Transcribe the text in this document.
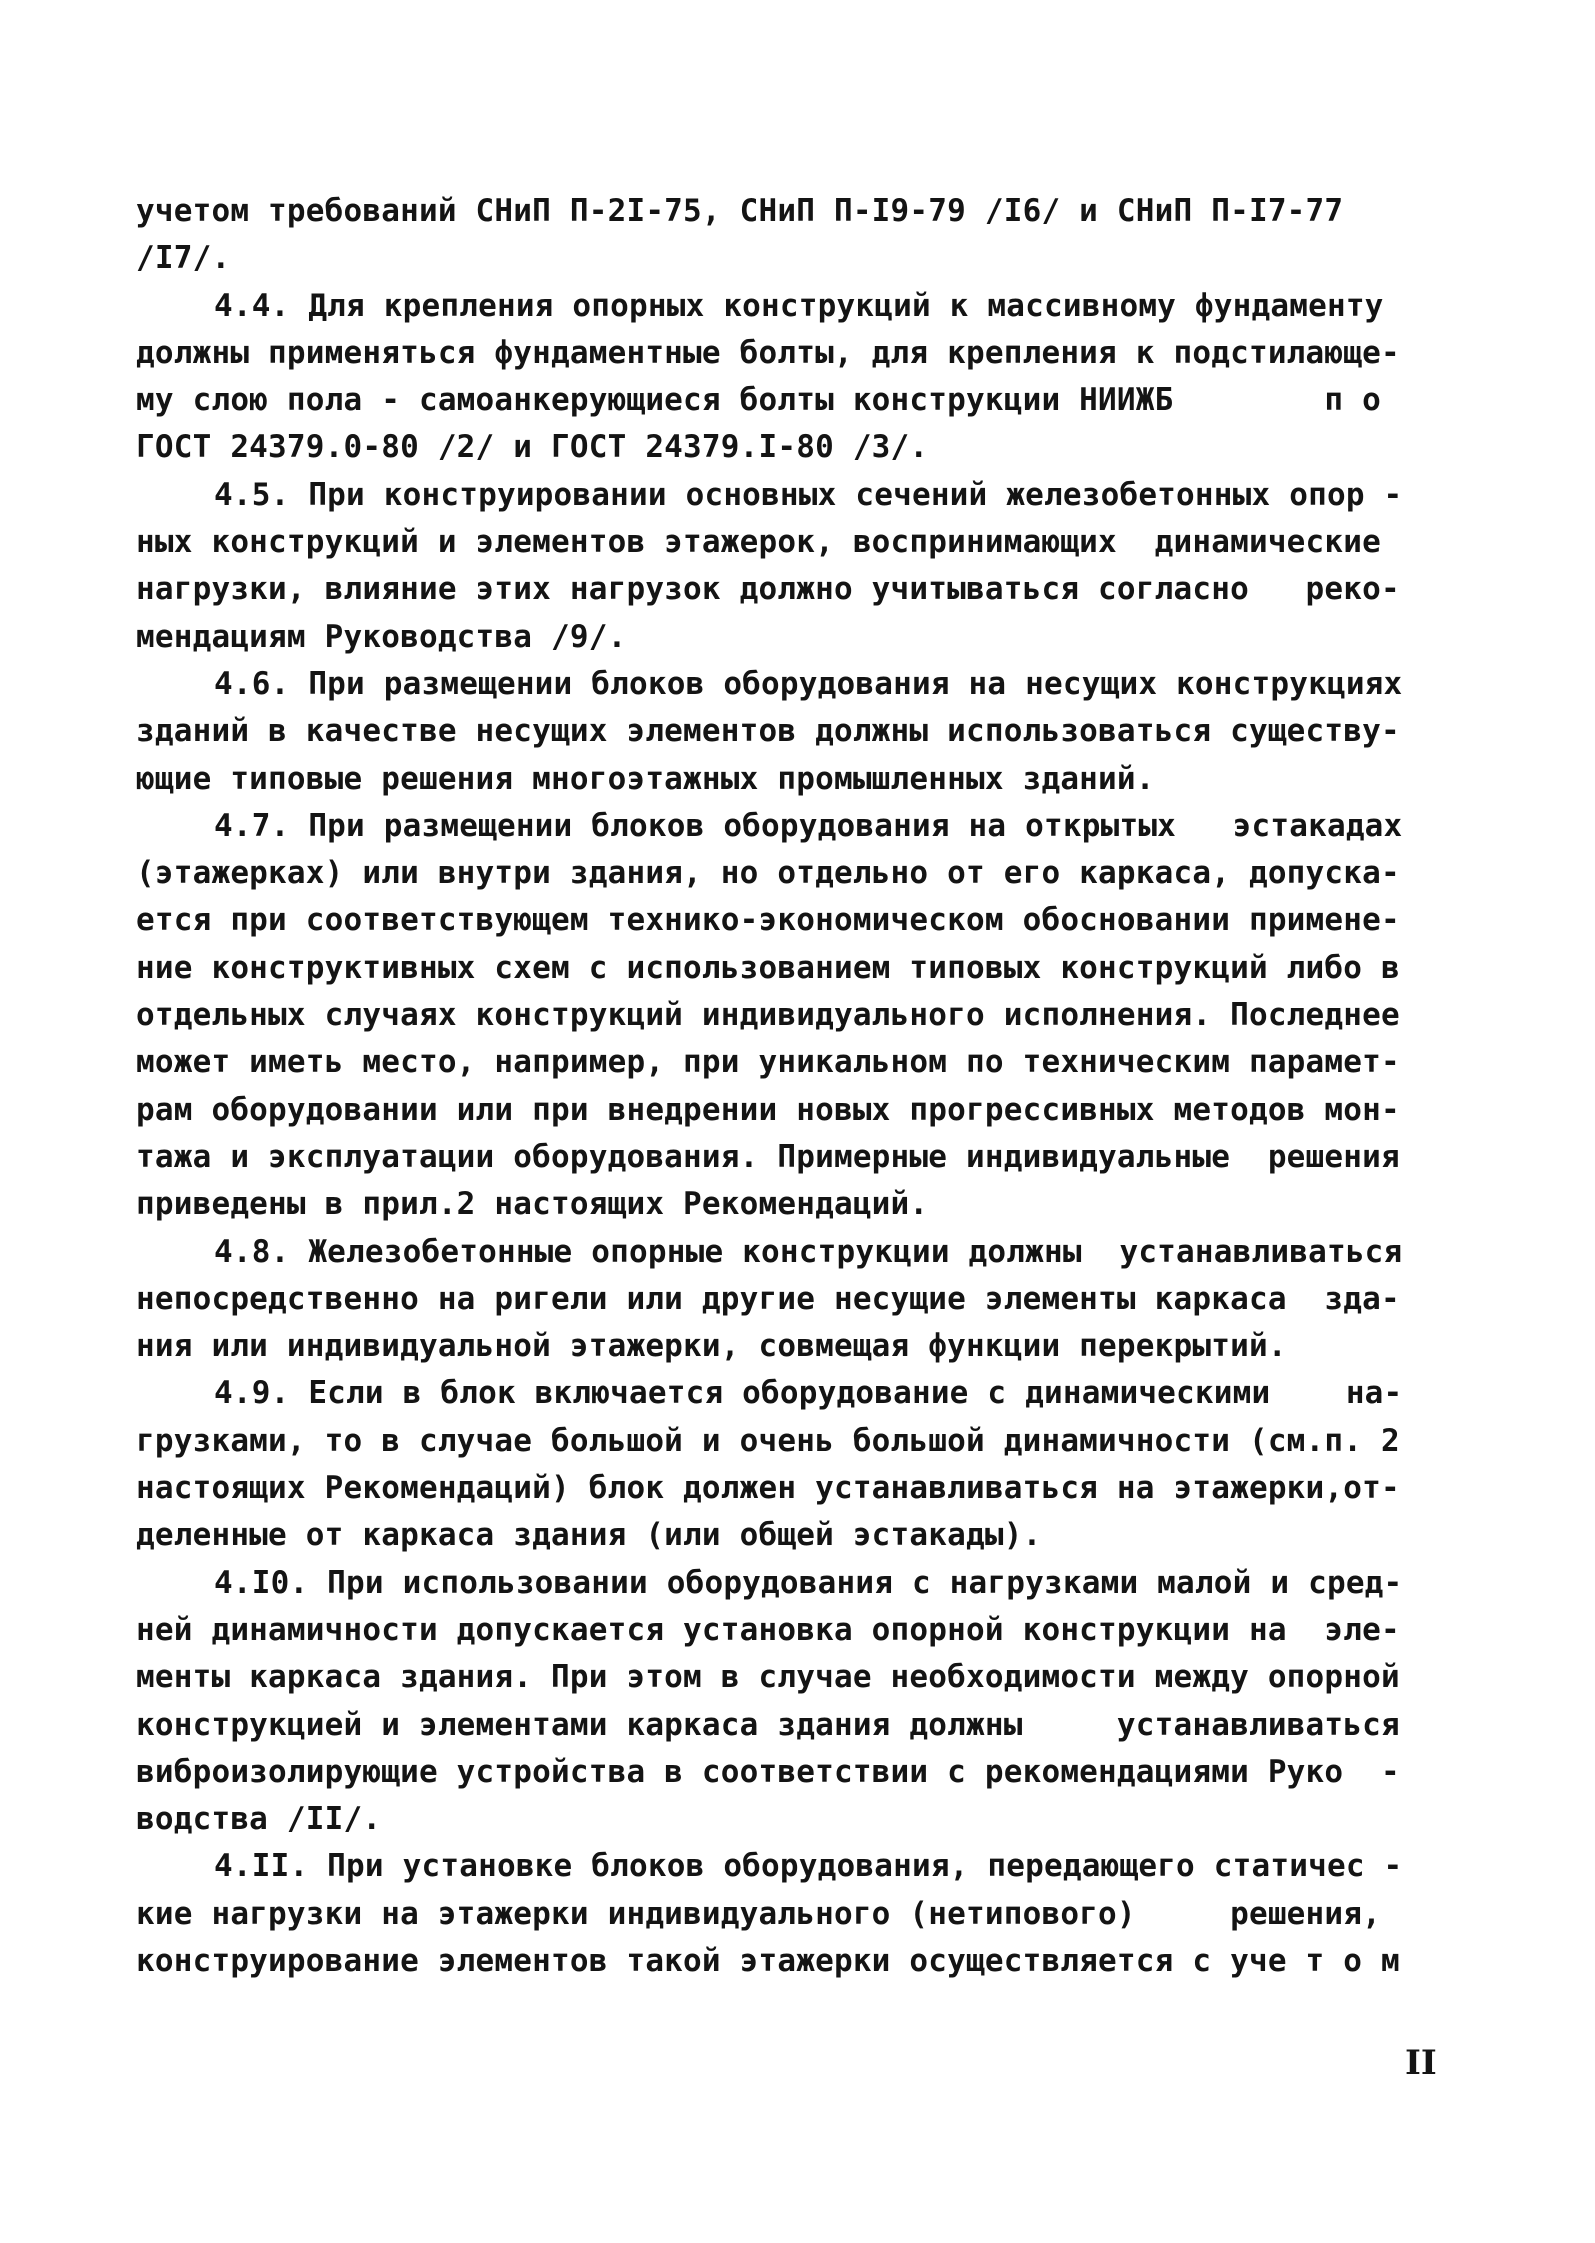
учетом требований СНиП П-2I-75, СНиП П-I9-79 /I6/ и СНиП П-I7-77
/I7/.
4.4. Для крепления опорных конструкций к массивному фундаменту
должны применяться фундаментные болты, для крепления к подстилающе-
му слою пола - самоанкерующиеся болты конструкции НИИЖБ        п о
ГОСТ 24379.0-80 /2/ и ГОСТ 24379.I-80 /3/.
4.5. При конструировании основных сечений железобетонных опор -
ных конструкций и элементов этажерок, воспринимающих  динамические
нагрузки, влияние этих нагрузок должно учитываться согласно   реко-
мендациям Руководства /9/.
4.6. При размещении блоков оборудования на несущих конструкциях
зданий в качестве несущих элементов должны использоваться существу-
ющие типовые решения многоэтажных промышленных зданий.
4.7. При размещении блоков оборудования на открытых   эстакадах
(этажерках) или внутри здания, но отдельно от его каркаса, допуска-
ется при соответствующем технико-экономическом обосновании примене-
ние конструктивных схем с использованием типовых конструкций либо в
отдельных случаях конструкций индивидуального исполнения. Последнее
может иметь место, например, при уникальном по техническим парамет-
рам оборудовании или при внедрении новых прогрессивных методов мон-
тажа и эксплуатации оборудования. Примерные индивидуальные  решения
приведены в прил.2 настоящих Рекомендаций.
4.8. Железобетонные опорные конструкции должны  устанавливаться
непосредственно на ригели или другие несущие элементы каркаса  зда-
ния или индивидуальной этажерки, совмещая функции перекрытий.
4.9. Если в блок включается оборудование с динамическими    на-
грузками, то в случае большой и очень большой динамичности (см.п. 2
настоящих Рекомендаций) блок должен устанавливаться на этажерки,от-
деленные от каркаса здания (или общей эстакады).
4.I0. При использовании оборудования с нагрузками малой и сред-
ней динамичности допускается установка опорной конструкции на  эле-
менты каркаса здания. При этом в случае необходимости между опорной
конструкцией и элементами каркаса здания должны     устанавливаться
виброизолирующие устройства в соответствии с рекомендациями Руко  -
водства /II/.
4.II. При установке блоков оборудования, передающего статичес -
кие нагрузки на этажерки индивидуального (нетипового)     решения,
конструирование элементов такой этажерки осуществляется с уче т о м
II
